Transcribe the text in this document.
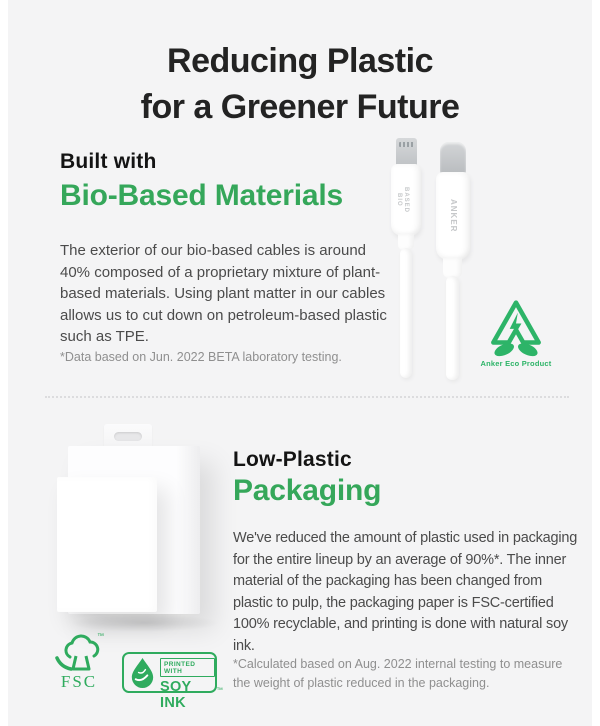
Reducing Plastic
for a Greener Future
Built with
Bio-Based Materials
The exterior of our bio-based cables is around 40% composed of a proprietary mixture of plant-based materials. Using plant matter in our cables allows us to cut down on petroleum-based plastic such as TPE.
*Data based on Jun. 2022 BETA laboratory testing.
BIO
BASED	ANKER
Anker Eco Product
Low-Plastic
Packaging
We've reduced the amount of plastic used in packaging for the entire lineup by an average of 90%*. The inner material of the packaging has been changed from plastic to pulp, the packaging paper is FSC-certified 100% recyclable, and printing is done with natural soy ink.
*Calculated based on Aug. 2022 internal testing to measure the weight of plastic reduced in the packaging.
™
FSC
PRINTED WITH
SOY INK
™
